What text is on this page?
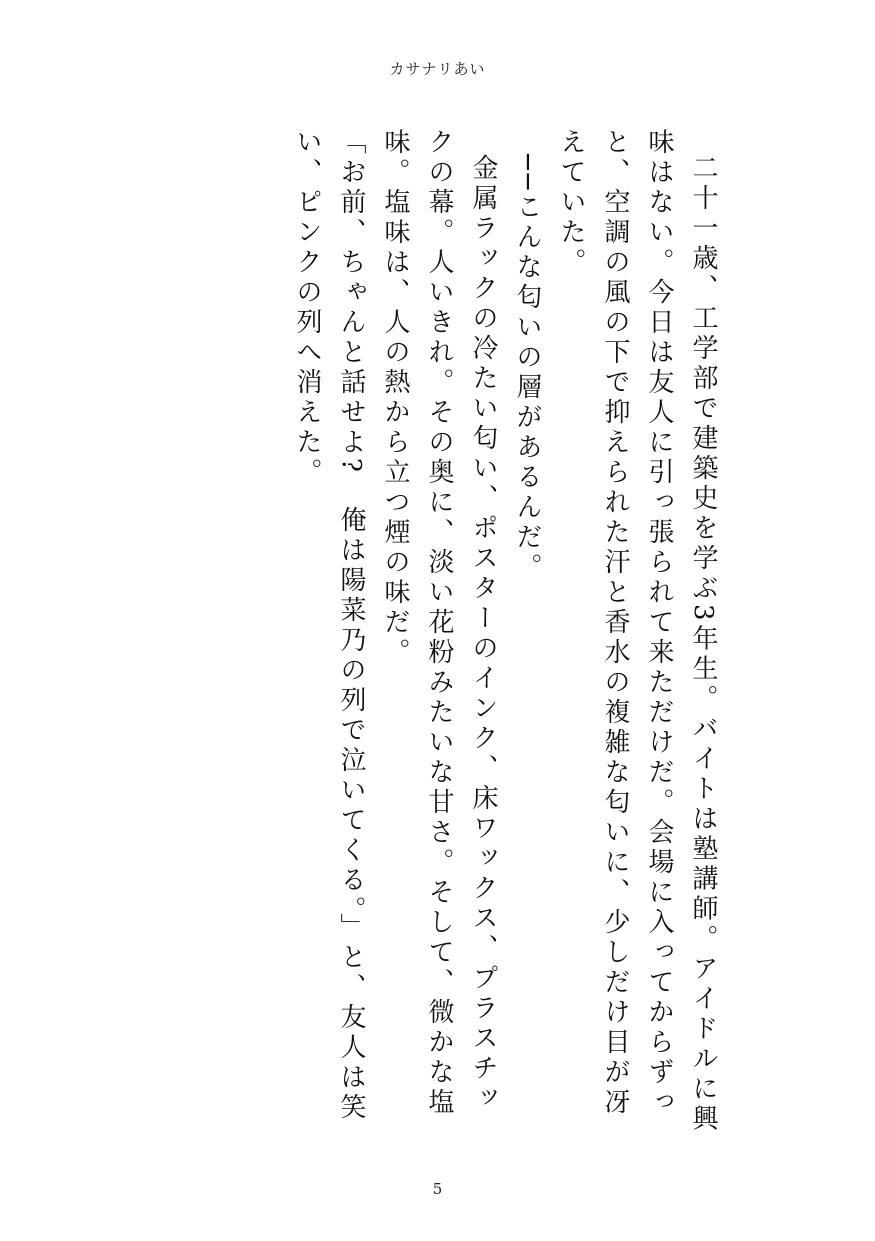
カサナリあい

二十一歳、工学部で建築史を学ぶ3年生。バイトは塾講師。アイドルに興味はない。今日は友人に引っ張られて来ただけだ。会場に入ってからずっと、空調の風の下で抑えられた汗と香水の複雑な匂いに、少しだけ目が冴えていた。

──こんな匂いの層があるんだ。

金属ラックの冷たい匂い、ポスターのインク、床ワックス、プラスチックの幕。人いきれ。その奥に、淡い花粉みたいな甘さ。そして、微かな塩味。塩味は、人の熱から立つ煙の味だ。

「お前、ちゃんと話せよ?　俺は陽菜乃の列で泣いてくる。」と、友人は笑い、ピンクの列へ消えた。

5
